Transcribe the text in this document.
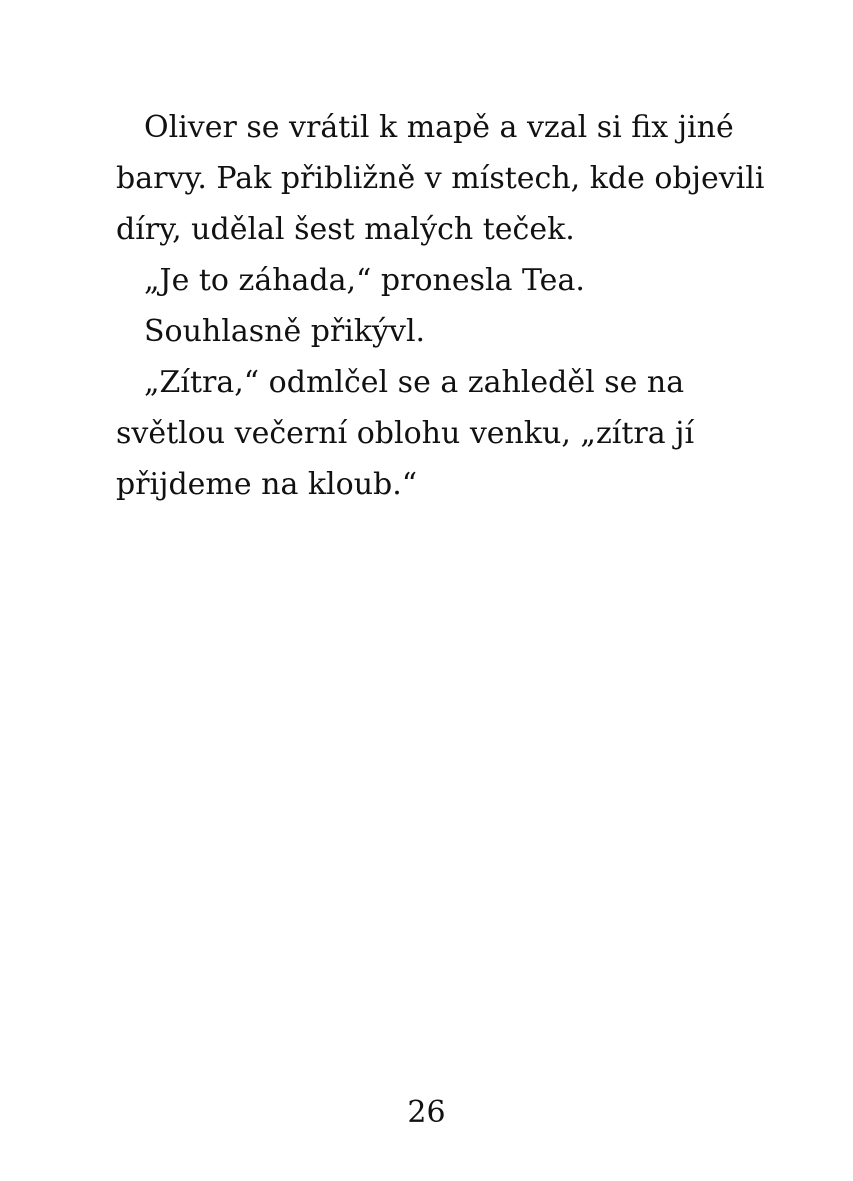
Oliver se vrátil k mapě a vzal si fix jiné
barvy. Pak přibližně v místech, kde objevili
díry, udělal šest malých teček.

„Je to záhada,“ pronesla Tea.

Souhlasně přikývl.

„Zítra,“ odmlčel se a zahleděl se na
světlou večerní oblohu venku, „zítra jí
přijdeme na kloub.“

26
